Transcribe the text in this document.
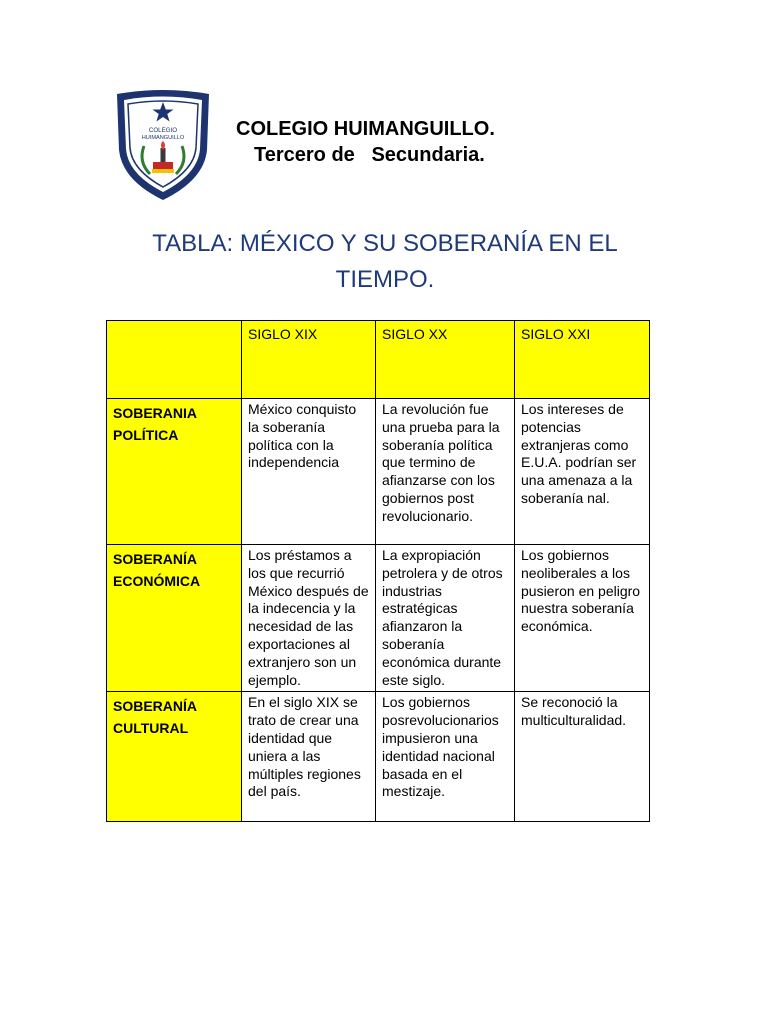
COLEGIO
HUIMANGUILLO	COLEGIO HUIMANGUILLO.
Tercero de   Secundaria.
TABLA: MÉXICO Y SU SOBERANÍA EN EL TIEMPO.
	SIGLO XIX	SIGLO XX	SIGLO XXI
SOBERANIA POLÍTICA	México conquisto la soberanía política con la independencia	La revolución fue una prueba para la soberanía política que termino de afianzarse con los gobiernos post revolucionario.	Los intereses de potencias extranjeras como E.U.A. podrían ser una amenaza a la soberanía nal.
SOBERANÍA ECONÓMICA	Los préstamos a los que recurrió México después de la indecencia y la necesidad de las exportaciones al extranjero son un ejemplo.	La expropiación petrolera y de otros industrias estratégicas afianzaron la soberanía económica durante este siglo.	Los gobiernos neoliberales a los pusieron en peligro nuestra soberanía económica.
SOBERANÍA CULTURAL	En el siglo XIX se trato de crear una identidad que uniera a las múltiples regiones del país.	Los gobiernos posrevolucionarios impusieron una identidad nacional basada en el mestizaje.	Se reconoció la multiculturalidad.
